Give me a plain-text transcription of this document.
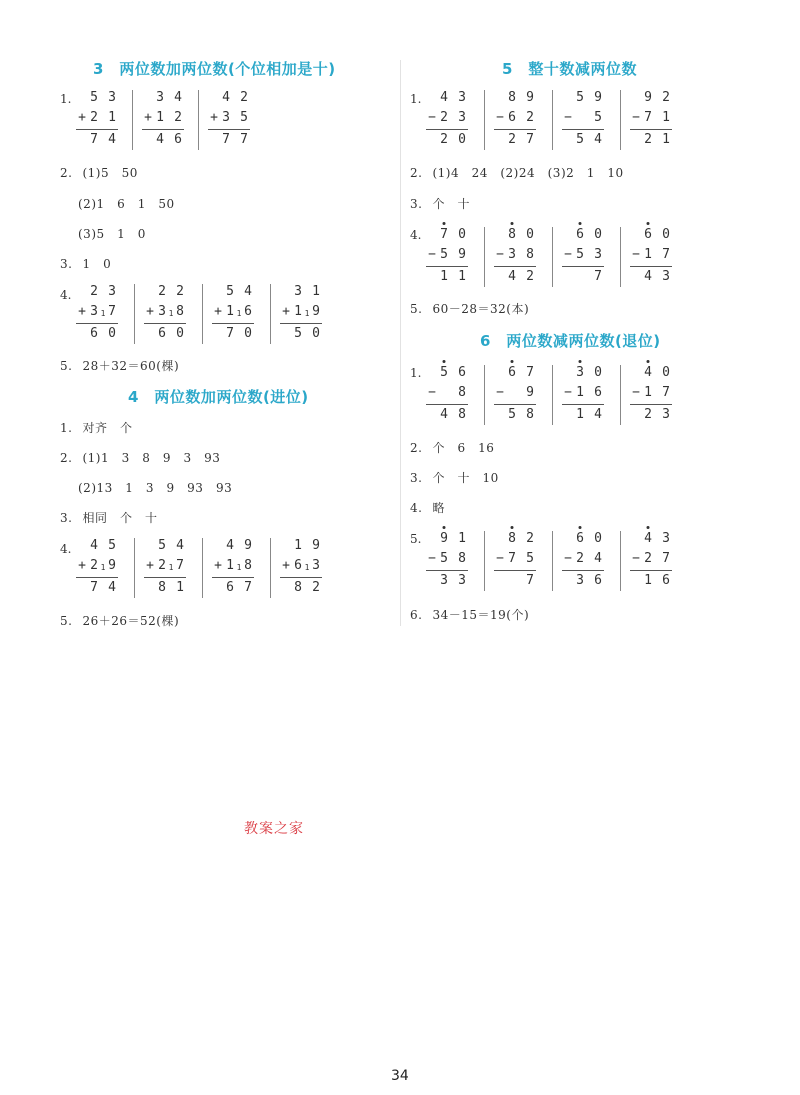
3　两位数加两位数(个位相加是十)
1.
2. (1)5　50
(2)1　6　1　50
(3)5　1　0
3. 1　0
4.
5. 28＋32＝60(棵)
4　两位数加两位数(进位)
1. 对齐　个
2. (1)1　3　8　9　3　93
(2)13　1　3　9　93　93
3. 相同　个　十
4.
5. 26＋26＝52(棵)
5 3
+ 2 1
7 4
3 4
+ 1 2
4 6
4 2
+ 3 5
7 7
2 3
+ 3 1 7
6 0
2 2
+ 3 1 8
6 0
5 4
+ 1 1 6
7 0
3 1
+ 1 1 9
5 0
4 5
+ 2 1 9
7 4
5 4
+ 2 1 7
8 1
4 9
+ 1 1 8
6 7
1 9
+ 6 1 3
8 2
5　整十数减两位数
1.
2. (1)4　24　(2)24　(3)2　1　10
3. 个　十
4.
5. 60－28＝32(本)
6　两位数减两位数(退位)
1.
2. 个　6　16
3. 个　十　10
4. 略
5.
6. 34－15＝19(个)
4 3
− 2 3
2 0
8 9
− 6 2
2 7
5 9
− 5
5 4
9 2
− 7 1
2 1
7 0
− 5 9
1 1
8 0
− 3 8
4 2
6 0
− 5 3
7
6 0
− 1 7
4 3
5 6
− 8
4 8
6 7
− 9
5 8
3 0
− 1 6
1 4
4 0
− 1 7
2 3
9 1
− 5 8
3 3
8 2
− 7 5
7
6 0
− 2 4
3 6
4 3
− 2 7
1 6
教案之家
34
